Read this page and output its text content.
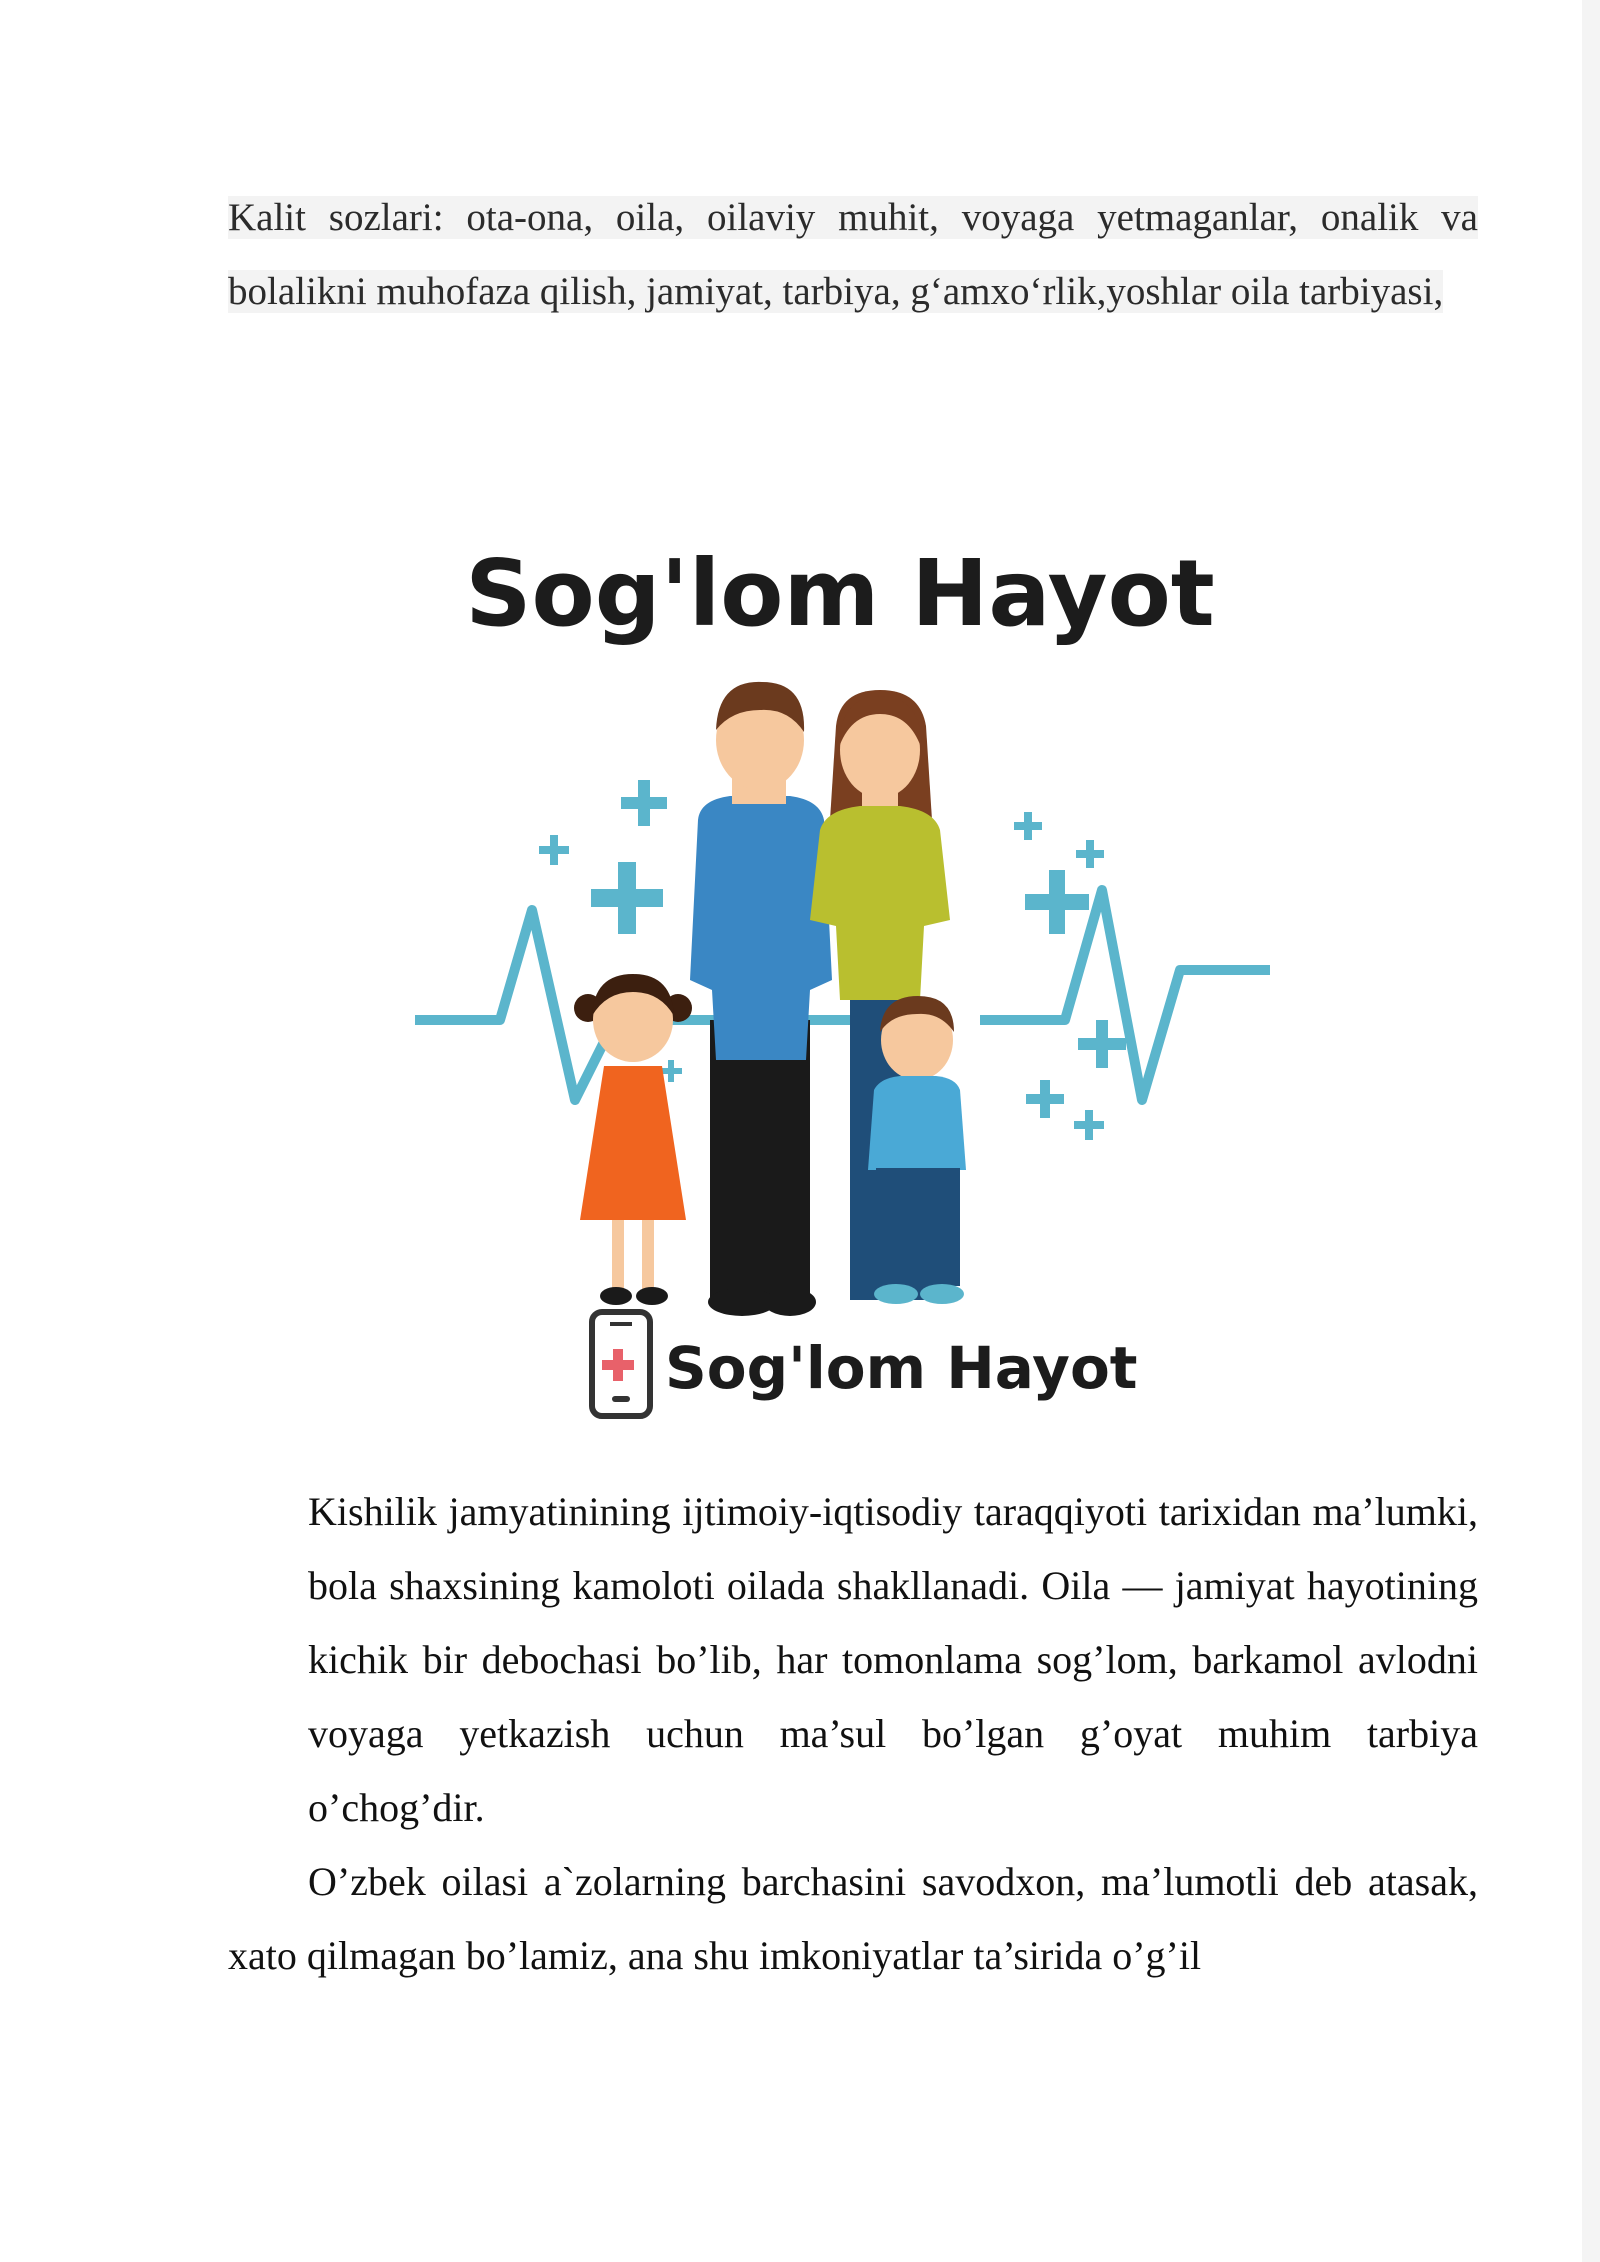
Kalit sozlari: ota-ona, oila, oilaviy muhit, voyaga yetmaganlar, onalik va bolalikni muhofaza qilish, jamiyat, tarbiya, g‘amxo‘rlik,yoshlar oila tarbiyasi,

Sog'lom Hayot
Sog'lom Hayot

Kishilik jamyatinining ijtimoiy-iqtisodiy taraqqiyoti tarixidan ma’lumki, bola shaxsining kamoloti oilada shakllanadi. Oila — jamiyat hayotining kichik bir debochasi bo’lib, har tomonlama sog’lom, barkamol avlodni voyaga yetkazish uchun ma’sul bo’lgan g’oyat muhim tarbiya o’chog’dir.

O’zbek oilasi a`zolarning barchasini savodxon, ma’lumotli deb atasak, xato qilmagan bo’lamiz, ana shu imkoniyatlar ta’sirida o’g’il
